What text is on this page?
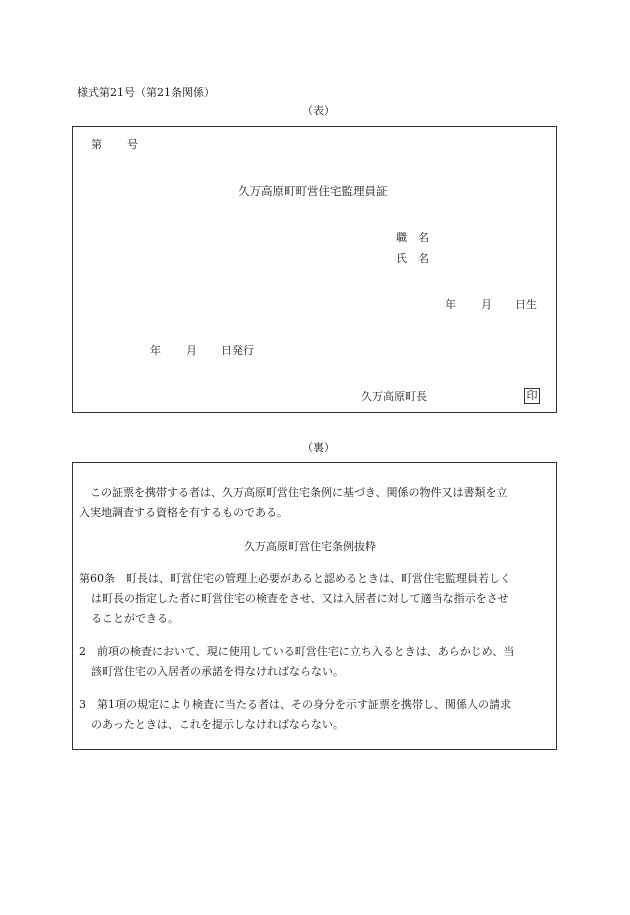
様式第21号（第21条関係）
（表）
第 号
久万高原町町営住宅監理員証
職　名
氏　名
年 月 日生
年 月 日発行
久万高原町長	印
（裏）
　この証票を携帯する者は、久万高原町営住宅条例に基づき、関係の物件又は書類を立
入実地調査する資格を有するものである。
久万高原町営住宅条例抜粋
第60条　町長は、町営住宅の管理上必要があると認めるときは、町営住宅監理員若しく
は町長の指定した者に町営住宅の検査をさせ、又は入居者に対して適当な指示をさせ
ることができる。
2　前項の検査において、現に使用している町営住宅に立ち入るときは、あらかじめ、当
該町営住宅の入居者の承諾を得なければならない。
3　第1項の規定により検査に当たる者は、その身分を示す証票を携帯し、関係人の請求
のあったときは、これを提示しなければならない。
